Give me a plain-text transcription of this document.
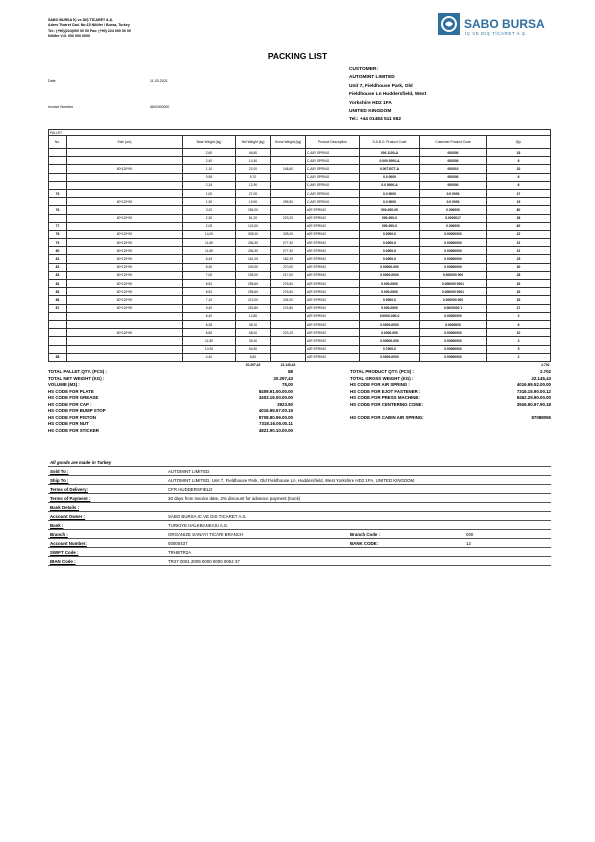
SABO BURSA İÇ ve DIŞ TİCARET A.Ş.
Adres Ticaret Cad. No:15 Nilüfer / Bursa, Turkey
Tel.: (+90)(224)000 00 00 Fax: (+90) 224 000 00 00
Nilüfer V.D. 000 000 0000
SABO BURSA
İÇ VE DIŞ TİCARET A.Ş.
PACKING LIST
CUSTOMER:
AUTOMINT LIMITED
Unit 7, Fieldhouse Park, Old
Fieldhouse Ln Huddersfield, West
Yorkshire HD2 1FA
UNITED KINGDOM
Tel.: +44 01484 511 682
Date	11.03.2021
Invoice Number	ABC000000
PALLET								
No.	Size (cm)	Bare Weight (kg)	Net Weight (kg)	Gross Weight (kg)	Product Description	S.A.B.O. Product Code	Customer Product Code	Qty.
		2,60	46,80		C.AIR SPRING	000 1100-A	000000	18
		2,40	14,40		C.AIR SPRING	0.000 0000-A	000000	6
	80*120*90	1,10	22,00	148,60	C.AIR SPRING	0.0071077-A	000010	20
		0,95	5,70		C.AIR SPRING	0.0 0000	000000	6
		2,15	12,90		C.AIR SPRING	0.0 0000-A	000000	6
75		1,00	27,00		C.AIR SPRING	0.0 0000	0.0 0000	27
	80*120*90	1,30	19,50	295,50	C.AIR SPRING	0.0 0000	0.0 0000	15
76		3,20	256,00		AIR SPRING	000-000-00	0.000000	80
	80*120*90	2,30	81,20	223,20	AIR SPRING	000-000-0	0.0000017	28
77		2,05	123,00		AIR SPRING	000-000-0	0.000000	60
78	80*120*90	14,00	308,00	328,00	AIR SPRING	0.0000-0	0.00000000	22
79	80*120*90	11,65	256,30	277,30	AIR SPRING	0.0000-0	0.00000000	22
80	80*120*90	11,65	256,30	277,30	AIR SPRING	0.0000-0	0.00000000	22
81	80*120*90	6,45	161,25	182,25	AIR SPRING	0.0000-0	0.00000000	25
82	80*120*90	8,30	249,00	270,00	AIR SPRING	0.00000-000	0.00000000	30
83	80*120*90	7,00	196,00	217,00	AIR SPRING	0.0000-0000	0.000000 000	28
84	80*120*90	8,52	255,60	276,60	AIR SPRING	0.000-0000	0.000000 0001	30
85	80*120*90	8,52	255,60	276,60	AIR SPRING	0.000-0000	0.000000 0001	30
86	80*120*90	7,10	213,00	234,00	AIR SPRING	0.0000-0	0.000000 000	30
87	80*120*90	9,40	253,80	274,80	AIR SPRING	0.000-0000	0.0000000 1	27
		6,40	12,80		AIR SPRING	0.0000-000-0	0.00000000	2
		6,35	38,10		AIR SPRING	0.0000-0000	0.0000000	6
	80*120*90	6,80	68,00	223,10	AIR SPRING	0.0000-000	0.00000000	10
		11,80	35,40		AIR SPRING	0.00000-000	0.00000000	3
		10,90	54,50		AIR SPRING	0.7000-0	0.00000000	5
88		4,40	8,80		AIR SPRING	0.0000-0000	0.00000000	2
			20.297,43	22.145,43				2.702
TOTAL PALLET QTY. (PCS) :	88	TOTAL PRODUCT QTY. (PCS) :	2.702
TOTAL NET WEIGHT (KG) :	20.297,43	TOTAL GROSS WEIGHT (KG) :	22.145,43
VOLUME (M3) :	75,00	HS CODE FOR AIR SPRING :	4016.99.52.00.00
HS CODE FOR PLATE	8409.91.00.00.00	HS CODE FOR EJOT FASTENER :	7318.15.90.00.12
HS CODE FOR GREASE	3403.19.00.00.00	HS CODE FOR PRESS MACHINE:	8462.29.90.00.00
HS CODE FOR CAP :	3923.50	HS CODE FOR CENTERING CONE:	3926.90.97.90.18
HS CODE FOR BUMP STOP	4016.99.57.00.19
HS CODE FOR PISTON	8708.80.99.00.00	HS CODE FOR CABIN AIR SPRING:	87088055
HS CODE FOR NUT	7318.16.00.00.11
HS CODE FOR STICKER	4821.90.10.00.00
All goods are made in Turkey
Sold To :	AUTOMINT LIMITED
Ship To :	AUTOMINT LIMITED, Unit 7, Fieldhouse Park, Old Fieldhouse Ln, Huddersfield, West Yorkshire HD2 1FA, UNITED KINGDOM
Terms of Delivery:	CFR HUDDERSFIELD
Terms of Payment :	30 days from invoice date, 2% discount for advance payment (truck)
Bank Details :
Account Owner :	SABO BURSA IC VE DIS TICARET A.S.
Bank :	TURKIYE HALKBANKASI A.S.
Branch :	ORGANIZE SANAYI TICARI BRANCH	Branch Code :	000
Account Number:	00000437	BANK CODE:	12
SWIFT Code :	TRHBTR2A
IBAN Code :	TR27 0001 2009 0000 0000 0004 37
